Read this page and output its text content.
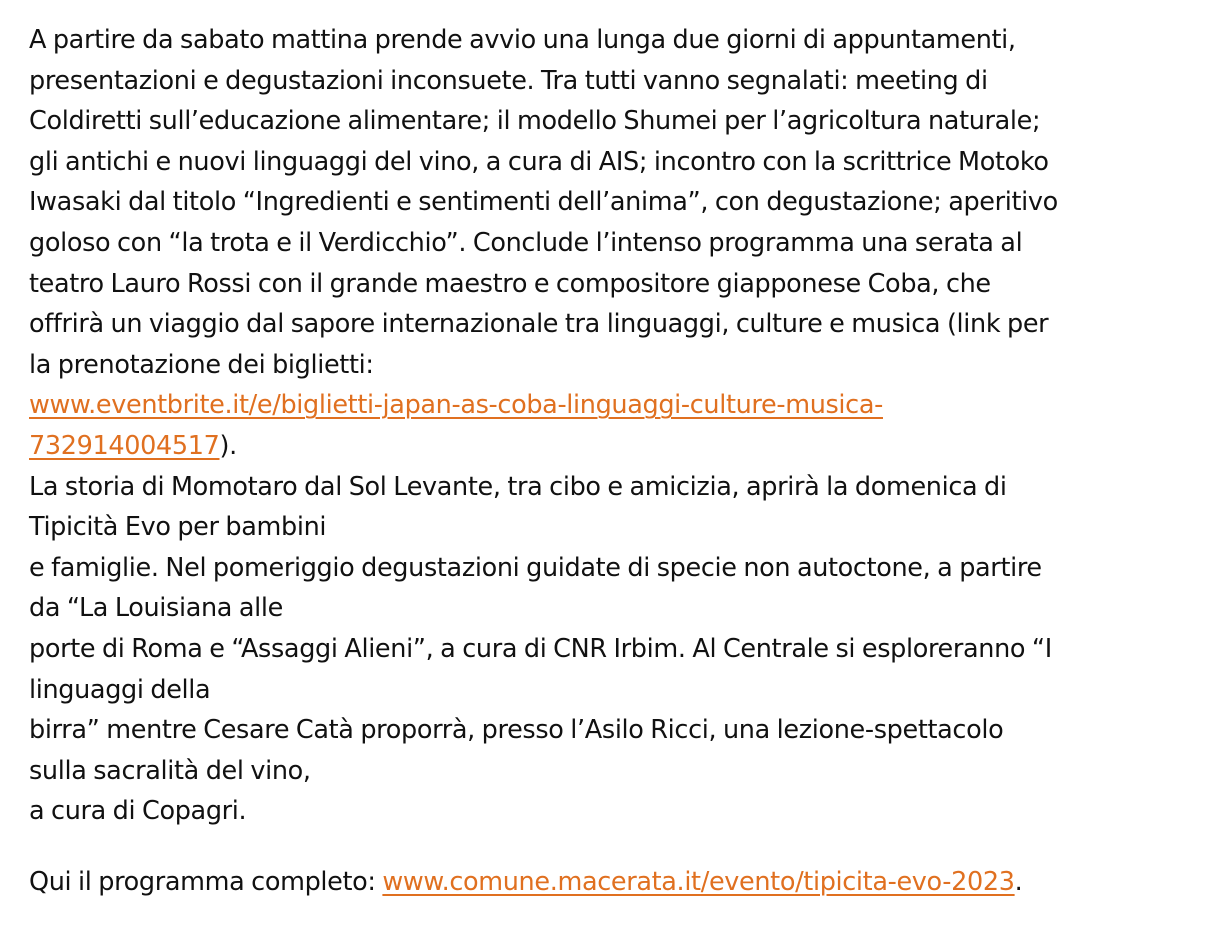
A partire da sabato mattina prende avvio una lunga due giorni di appuntamenti,
presentazioni e degustazioni inconsuete. Tra tutti vanno segnalati: meeting di
Coldiretti sull’educazione alimentare; il modello Shumei per l’agricoltura naturale;
gli antichi e nuovi linguaggi del vino, a cura di AIS; incontro con la scrittrice Motoko
Iwasaki dal titolo “Ingredienti e sentimenti dell’anima”, con degustazione; aperitivo
goloso con “la trota e il Verdicchio”. Conclude l’intenso programma una serata al
teatro Lauro Rossi con il grande maestro e compositore giapponese Coba, che
offrirà un viaggio dal sapore internazionale tra linguaggi, culture e musica (link per
la prenotazione dei biglietti:
www.eventbrite.it/e/biglietti-japan-as-coba-linguaggi-culture-musica-
732914004517).
La storia di Momotaro dal Sol Levante, tra cibo e amicizia, aprirà la domenica di
Tipicità Evo per bambini
e famiglie. Nel pomeriggio degustazioni guidate di specie non autoctone, a partire
da “La Louisiana alle
porte di Roma e “Assaggi Alieni”, a cura di CNR Irbim. Al Centrale si esploreranno “I
linguaggi della
birra” mentre Cesare Catà proporrà, presso l’Asilo Ricci, una lezione-spettacolo
sulla sacralità del vino,
a cura di Copagri.

Qui il programma completo: www.comune.macerata.it/evento/tipicita-evo-2023.
